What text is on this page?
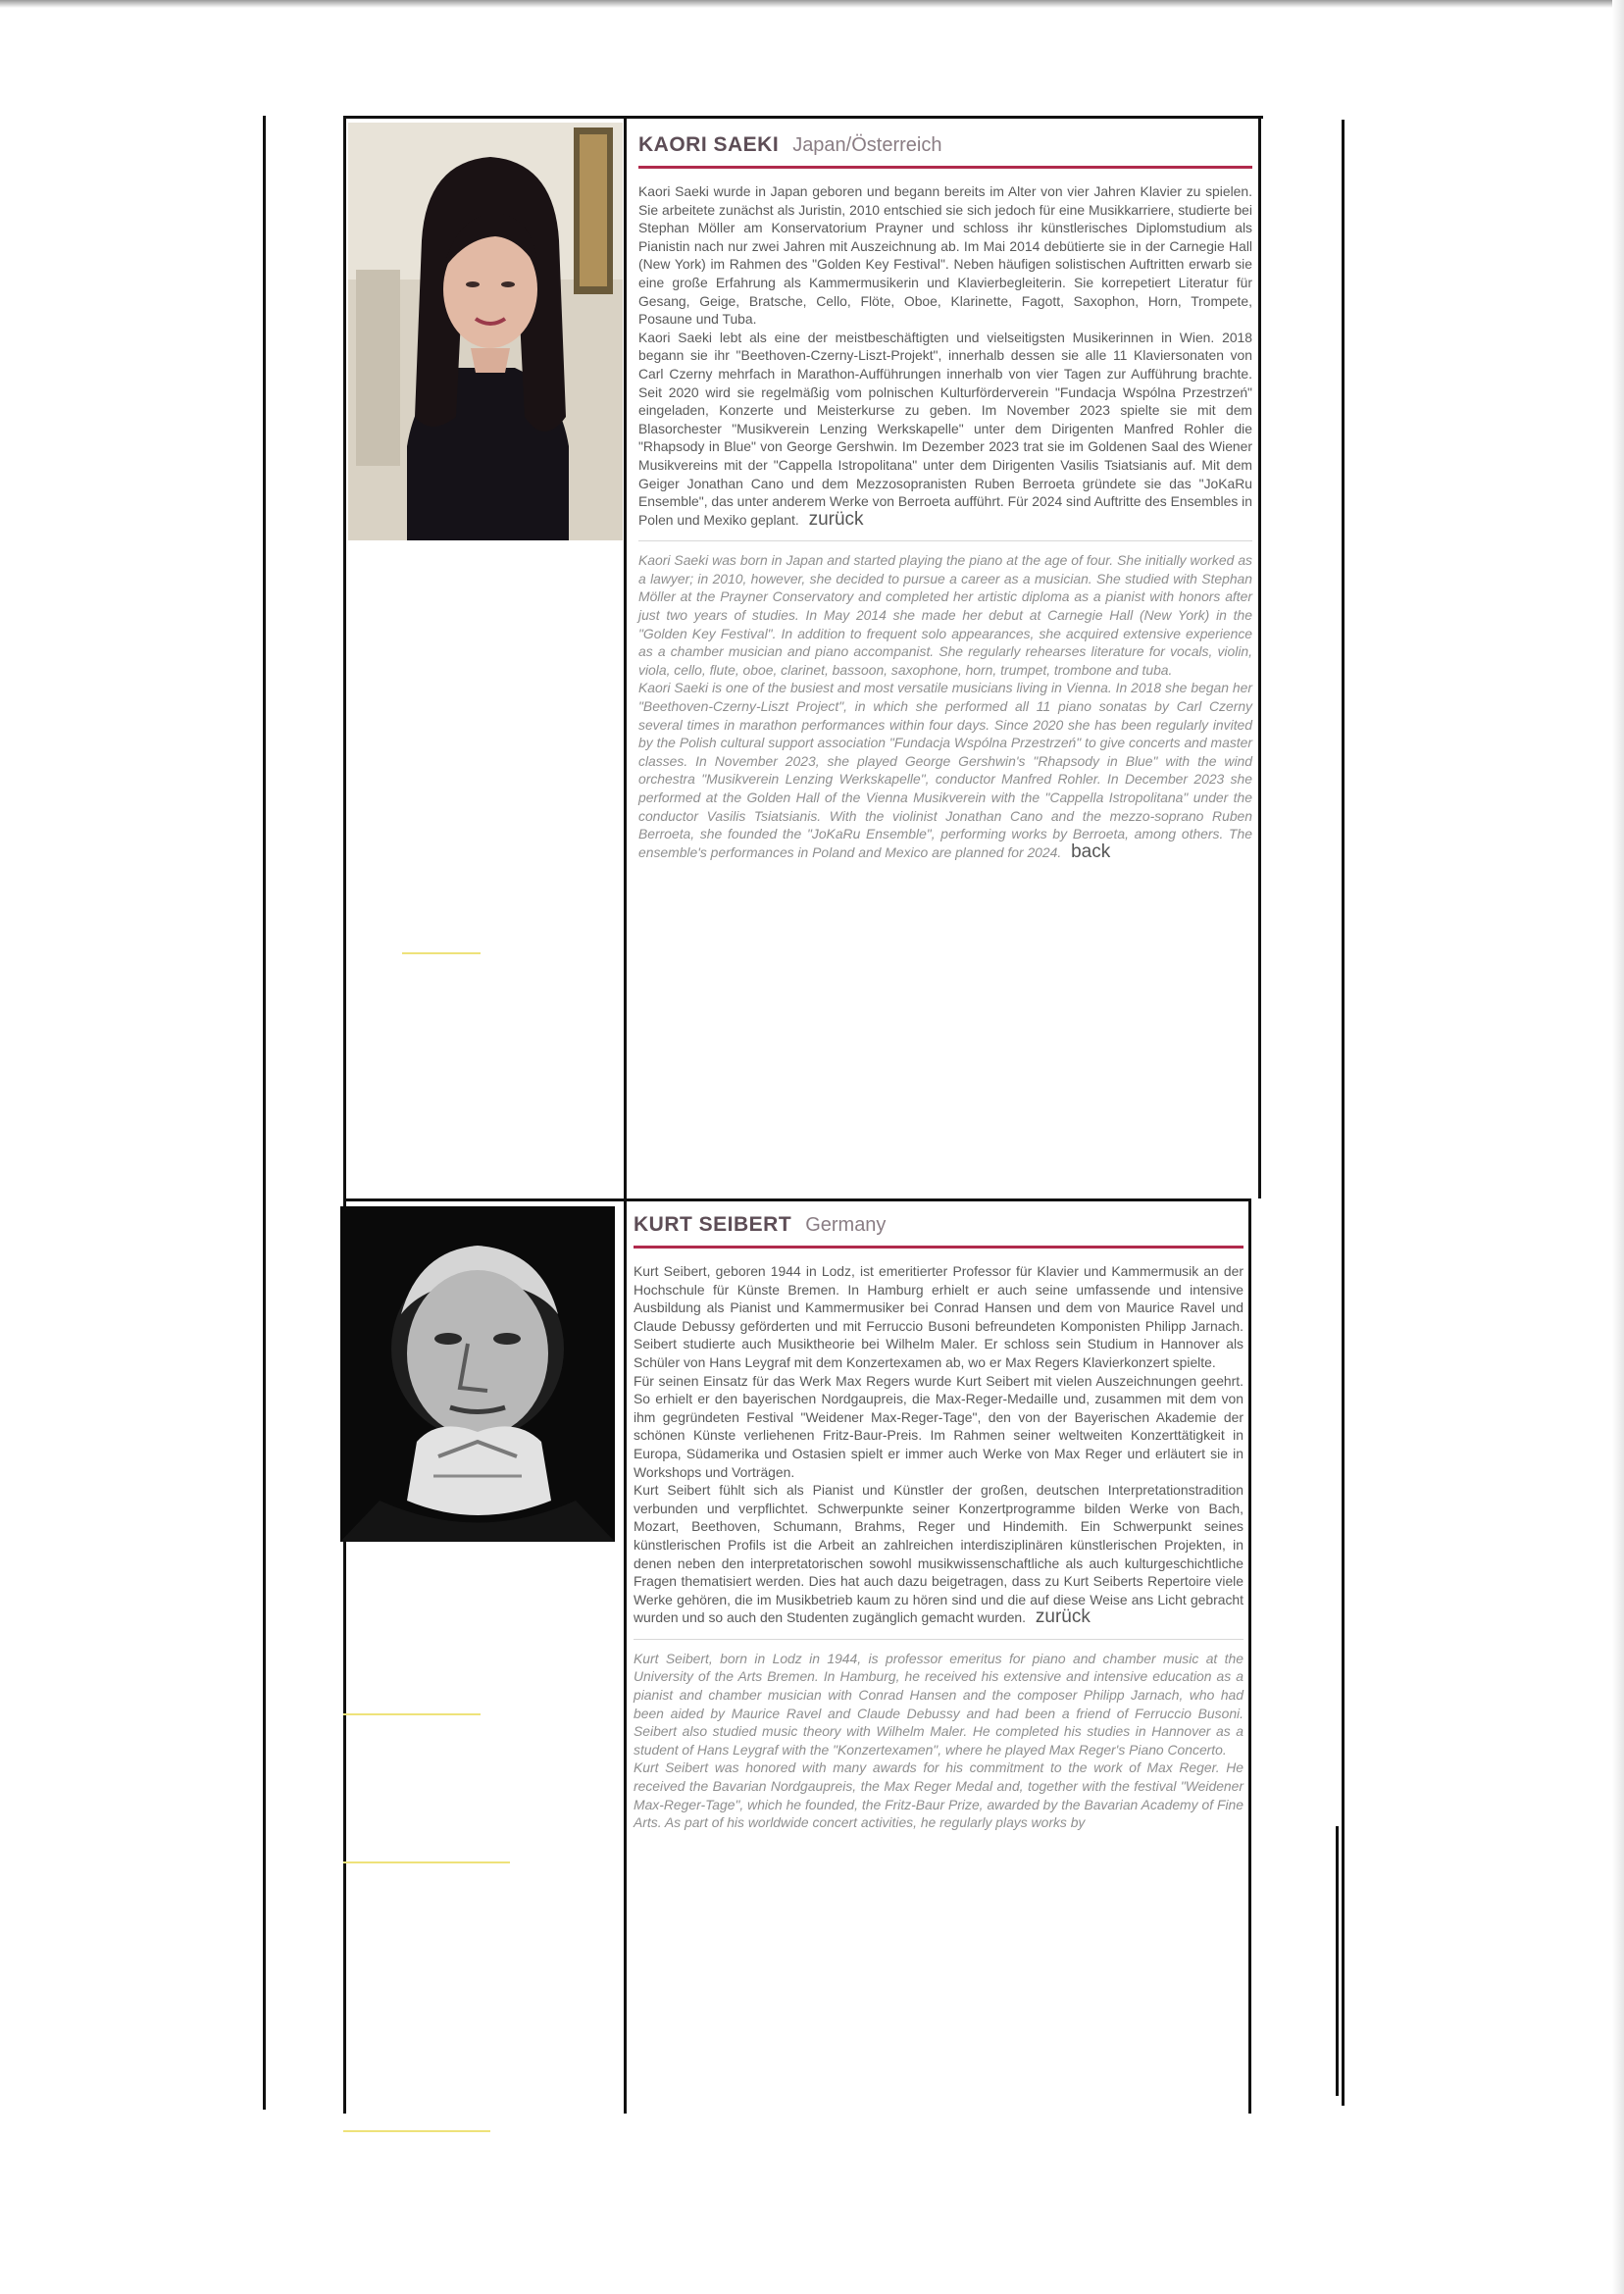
KAORI SAEKI Japan/Österreich

Kaori Saeki wurde in Japan geboren und begann bereits im Alter von vier Jahren Klavier zu spielen. Sie arbeitete zunächst als Juristin, 2010 entschied sie sich jedoch für eine Musikkarriere, studierte bei Stephan Möller am Konservatorium Prayner und schloss ihr künstlerisches Diplomstudium als Pianistin nach nur zwei Jahren mit Auszeichnung ab. Im Mai 2014 debütierte sie in der Carnegie Hall (New York) im Rahmen des "Golden Key Festival". Neben häufigen solistischen Auftritten erwarb sie eine große Erfahrung als Kammermusikerin und Klavierbegleiterin. Sie korrepetiert Literatur für Gesang, Geige, Bratsche, Cello, Flöte, Oboe, Klarinette, Fagott, Saxophon, Horn, Trompete, Posaune und Tuba.

Kaori Saeki lebt als eine der meistbeschäftigten und vielseitigsten Musikerinnen in Wien. 2018 begann sie ihr "Beethoven-Czerny-Liszt-Projekt", innerhalb dessen sie alle 11 Klaviersonaten von Carl Czerny mehrfach in Marathon-Aufführungen innerhalb von vier Tagen zur Aufführung brachte. Seit 2020 wird sie regelmäßig vom polnischen Kulturförderverein "Fundacja Wspólna Przestrzeń" eingeladen, Konzerte und Meisterkurse zu geben. Im November 2023 spielte sie mit dem Blasorchester "Musikverein Lenzing Werkskapelle" unter dem Dirigenten Manfred Rohler die "Rhapsody in Blue" von George Gershwin. Im Dezember 2023 trat sie im Goldenen Saal des Wiener Musikvereins mit der "Cappella Istropolitana" unter dem Dirigenten Vasilis Tsiatsianis auf. Mit dem Geiger Jonathan Cano und dem Mezzosopranisten Ruben Berroeta gründete sie das "JoKaRu Ensemble", das unter anderem Werke von Berroeta aufführt. Für 2024 sind Auftritte des Ensembles in Polen und Mexiko geplant. zurück

Kaori Saeki was born in Japan and started playing the piano at the age of four. She initially worked as a lawyer; in 2010, however, she decided to pursue a career as a musician. She studied with Stephan Möller at the Prayner Conservatory and completed her artistic diploma as a pianist with honors after just two years of studies. In May 2014 she made her debut at Carnegie Hall (New York) in the "Golden Key Festival". In addition to frequent solo appearances, she acquired extensive experience as a chamber musician and piano accompanist. She regularly rehearses literature for vocals, violin, viola, cello, flute, oboe, clarinet, bassoon, saxophone, horn, trumpet, trombone and tuba.

Kaori Saeki is one of the busiest and most versatile musicians living in Vienna. In 2018 she began her "Beethoven-Czerny-Liszt Project", in which she performed all 11 piano sonatas by Carl Czerny several times in marathon performances within four days. Since 2020 she has been regularly invited by the Polish cultural support association "Fundacja Wspólna Przestrzeń" to give concerts and master classes. In November 2023, she played George Gershwin's "Rhapsody in Blue" with the wind orchestra "Musikverein Lenzing Werkskapelle", conductor Manfred Rohler. In December 2023 she performed at the Golden Hall of the Vienna Musikverein with the "Cappella Istropolitana" under the conductor Vasilis Tsiatsianis. With the violinist Jonathan Cano and the mezzo-soprano Ruben Berroeta, she founded the "JoKaRu Ensemble", performing works by Berroeta, among others. The ensemble's performances in Poland and Mexico are planned for 2024. back

KURT SEIBERT Germany

Kurt Seibert, geboren 1944 in Lodz, ist emeritierter Professor für Klavier und Kammermusik an der Hochschule für Künste Bremen. In Hamburg erhielt er auch seine umfassende und intensive Ausbildung als Pianist und Kammermusiker bei Conrad Hansen und dem von Maurice Ravel und Claude Debussy geförderten und mit Ferruccio Busoni befreundeten Komponisten Philipp Jarnach. Seibert studierte auch Musiktheorie bei Wilhelm Maler. Er schloss sein Studium in Hannover als Schüler von Hans Leygraf mit dem Konzertexamen ab, wo er Max Regers Klavierkonzert spielte.

Für seinen Einsatz für das Werk Max Regers wurde Kurt Seibert mit vielen Auszeichnungen geehrt. So erhielt er den bayerischen Nordgaupreis, die Max-Reger-Medaille und, zusammen mit dem von ihm gegründeten Festival "Weidener Max-Reger-Tage", den von der Bayerischen Akademie der schönen Künste verliehenen Fritz-Baur-Preis. Im Rahmen seiner weltweiten Konzerttätigkeit in Europa, Südamerika und Ostasien spielt er immer auch Werke von Max Reger und erläutert sie in Workshops und Vorträgen.

Kurt Seibert fühlt sich als Pianist und Künstler der großen, deutschen Interpretationstradition verbunden und verpflichtet. Schwerpunkte seiner Konzertprogramme bilden Werke von Bach, Mozart, Beethoven, Schumann, Brahms, Reger und Hindemith. Ein Schwerpunkt seines künstlerischen Profils ist die Arbeit an zahlreichen interdisziplinären künstlerischen Projekten, in denen neben den interpretatorischen sowohl musikwissenschaftliche als auch kulturgeschichtliche Fragen thematisiert werden. Dies hat auch dazu beigetragen, dass zu Kurt Seiberts Repertoire viele Werke gehören, die im Musikbetrieb kaum zu hören sind und die auf diese Weise ans Licht gebracht wurden und so auch den Studenten zugänglich gemacht wurden. zurück

Kurt Seibert, born in Lodz in 1944, is professor emeritus for piano and chamber music at the University of the Arts Bremen. In Hamburg, he received his extensive and intensive education as a pianist and chamber musician with Conrad Hansen and the composer Philipp Jarnach, who had been aided by Maurice Ravel and Claude Debussy and had been a friend of Ferruccio Busoni. Seibert also studied music theory with Wilhelm Maler. He completed his studies in Hannover as a student of Hans Leygraf with the "Konzertexamen", where he played Max Reger's Piano Concerto.

Kurt Seibert was honored with many awards for his commitment to the work of Max Reger. He received the Bavarian Nordgaupreis, the Max Reger Medal and, together with the festival "Weidener Max-Reger-Tage", which he founded, the Fritz-Baur Prize, awarded by the Bavarian Academy of Fine Arts. As part of his worldwide concert activities, he regularly plays works by
